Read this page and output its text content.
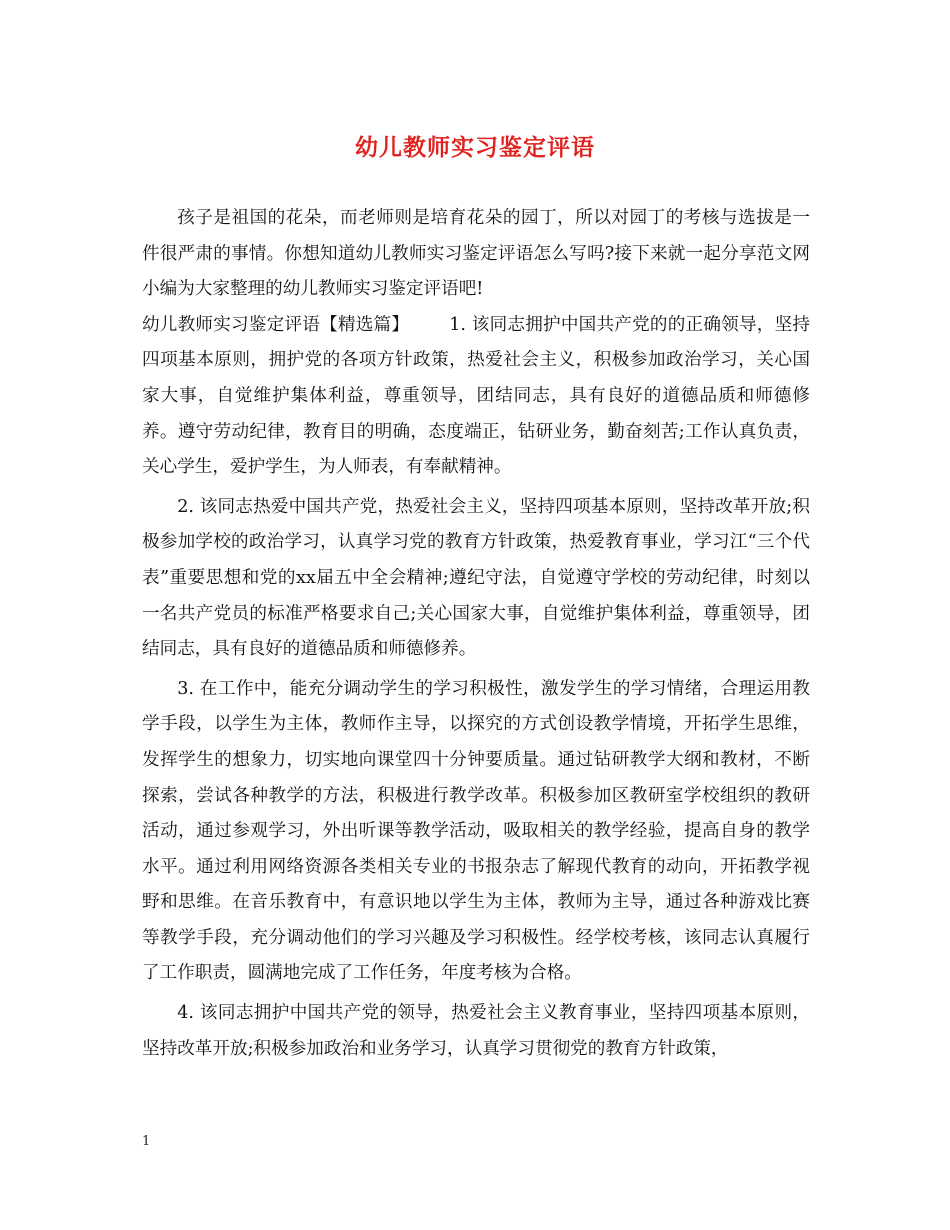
幼儿教师实习鉴定评语

孩子是祖国的花朵，而老师则是培育花朵的园丁，所以对园丁的考核与选拔是一件很严肃的事情。你想知道幼儿教师实习鉴定评语怎么写吗?接下来就一起分享范文网小编为大家整理的幼儿教师实习鉴定评语吧!

幼儿教师实习鉴定评语【精选篇】 1. 该同志拥护中国共产党的的正确领导，坚持四项基本原则，拥护党的各项方针政策，热爱社会主义，积极参加政治学习，关心国家大事，自觉维护集体利益，尊重领导，团结同志，具有良好的道德品质和师德修养。遵守劳动纪律，教育目的明确，态度端正，钻研业务，勤奋刻苦;工作认真负责，关心学生，爱护学生，为人师表，有奉献精神。

2. 该同志热爱中国共产党，热爱社会主义，坚持四项基本原则，坚持改革开放;积极参加学校的政治学习，认真学习党的教育方针政策，热爱教育事业，学习江“三个代表”重要思想和党的xx届五中全会精神;遵纪守法，自觉遵守学校的劳动纪律，时刻以一名共产党员的标准严格要求自己;关心国家大事，自觉维护集体利益，尊重领导，团结同志，具有良好的道德品质和师德修养。

3. 在工作中，能充分调动学生的学习积极性，激发学生的学习情绪，合理运用教学手段，以学生为主体，教师作主导，以探究的方式创设教学情境，开拓学生思维，发挥学生的想象力，切实地向课堂四十分钟要质量。通过钻研教学大纲和教材，不断探索，尝试各种教学的方法，积极进行教学改革。积极参加区教研室学校组织的教研活动，通过参观学习，外出听课等教学活动，吸取相关的教学经验，提高自身的教学水平。通过利用网络资源各类相关专业的书报杂志了解现代教育的动向，开拓教学视野和思维。在音乐教育中，有意识地以学生为主体，教师为主导，通过各种游戏比赛等教学手段，充分调动他们的学习兴趣及学习积极性。经学校考核，该同志认真履行了工作职责，圆满地完成了工作任务，年度考核为合格。

4. 该同志拥护中国共产党的领导，热爱社会主义教育事业，坚持四项基本原则，坚持改革开放;积极参加政治和业务学习，认真学习贯彻党的教育方针政策，

1
